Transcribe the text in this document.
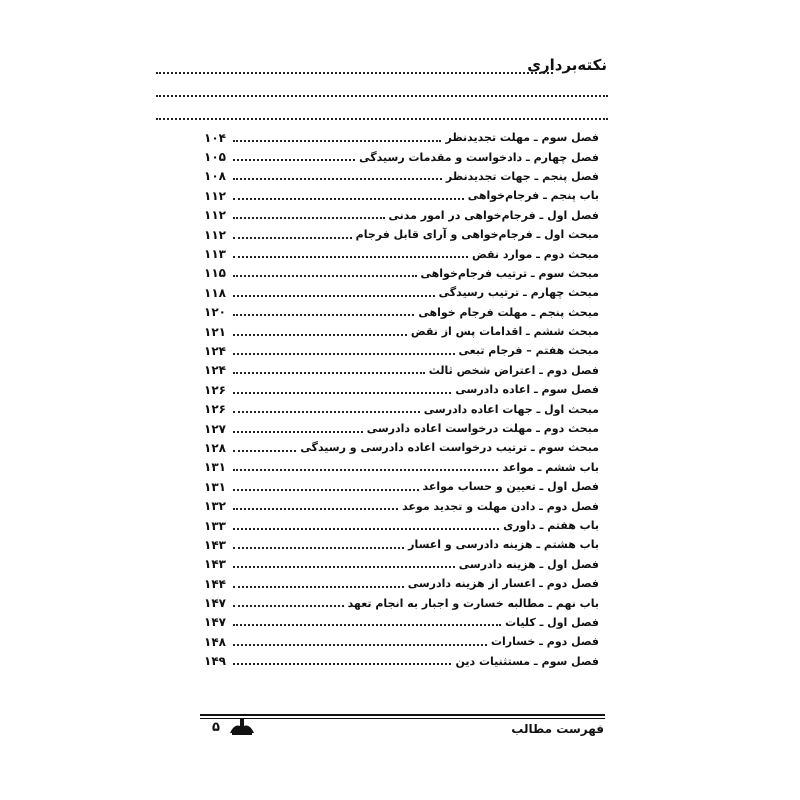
نکته‌برداری
فصل سوم ـ مهلت تجدیدنظر
۱۰۴
فصل چهارم ـ دادخواست و مقدمات رسیدگی
۱۰۵
فصل پنجم ـ جهات تجدیدنظر
۱۰۸
باب پنجم ـ فرجام‌خواهی
۱۱۲
فصل اول ـ فرجام‌خواهی در امور مدنی
۱۱۲
مبحث اول ـ فرجام‌خواهی و آرای قابل فرجام
۱۱۲
مبحث دوم ـ موارد نقض
۱۱۳
مبحث سوم ـ ترتیب فرجام‌خواهی
۱۱۵
مبحث چهارم ـ ترتیب رسیدگی
۱۱۸
مبحث پنجم ـ مهلت فرجام خواهی
۱۲۰
مبحث ششم ـ اقدامات پس از نقض
۱۲۱
مبحث هفتم – فرجام تبعی
۱۲۴
فصل دوم ـ اعتراض شخص ثالث
۱۲۴
فصل سوم ـ اعاده دادرسی
۱۲۶
مبحث اول ـ جهات اعاده دادرسی
۱۲۶
مبحث دوم ـ مهلت درخواست اعاده دادرسی
۱۲۷
مبحث سوم ـ ترتیب درخواست اعاده دادرسی و رسیدگی
۱۲۸
باب ششم ـ مواعد
۱۳۱
فصل اول ـ تعیین و حساب مواعد
۱۳۱
فصل دوم ـ دادن مهلت و تجدید موعد
۱۳۲
باب هفتم ـ داوری
۱۳۳
باب هشتم ـ هزینه دادرسی و اعسار
۱۴۳
فصل اول ـ هزینه دادرسی
۱۴۳
فصل دوم ـ اعسار از هزینه دادرسی
۱۴۴
باب نهم ـ مطالبه خسارت و اجبار به انجام تعهد
۱۴۷
فصل اول ـ کلیات
۱۴۷
فصل دوم ـ خسارات
۱۴۸
فصل سوم ـ مستثنیات دین
۱۴۹
فهرست مطالب
۵
